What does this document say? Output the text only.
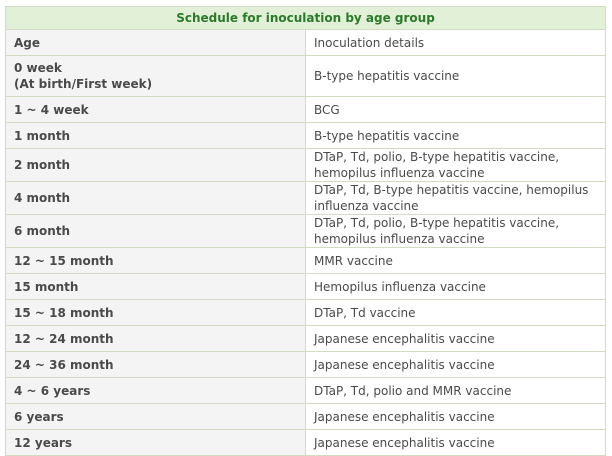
Schedule for inoculation by age group	
Age	Inoculation details
0 week
(At birth/First week)	B-type hepatitis vaccine
1 ~ 4 week	BCG
1 month	B-type hepatitis vaccine
2 month	DTaP, Td, polio, B-type hepatitis vaccine, hemopilus influenza vaccine
4 month	DTaP, Td, B-type hepatitis vaccine, hemopilus influenza vaccine
6 month	DTaP, Td, polio, B-type hepatitis vaccine, hemopilus influenza vaccine
12 ~ 15 month	MMR vaccine
15 month	Hemopilus influenza vaccine
15 ~ 18 month	DTaP, Td vaccine
12 ~ 24 month	Japanese encephalitis vaccine
24 ~ 36 month	Japanese encephalitis vaccine
4 ~ 6 years	DTaP, Td, polio and MMR vaccine
6 years	Japanese encephalitis vaccine
12 years	Japanese encephalitis vaccine
